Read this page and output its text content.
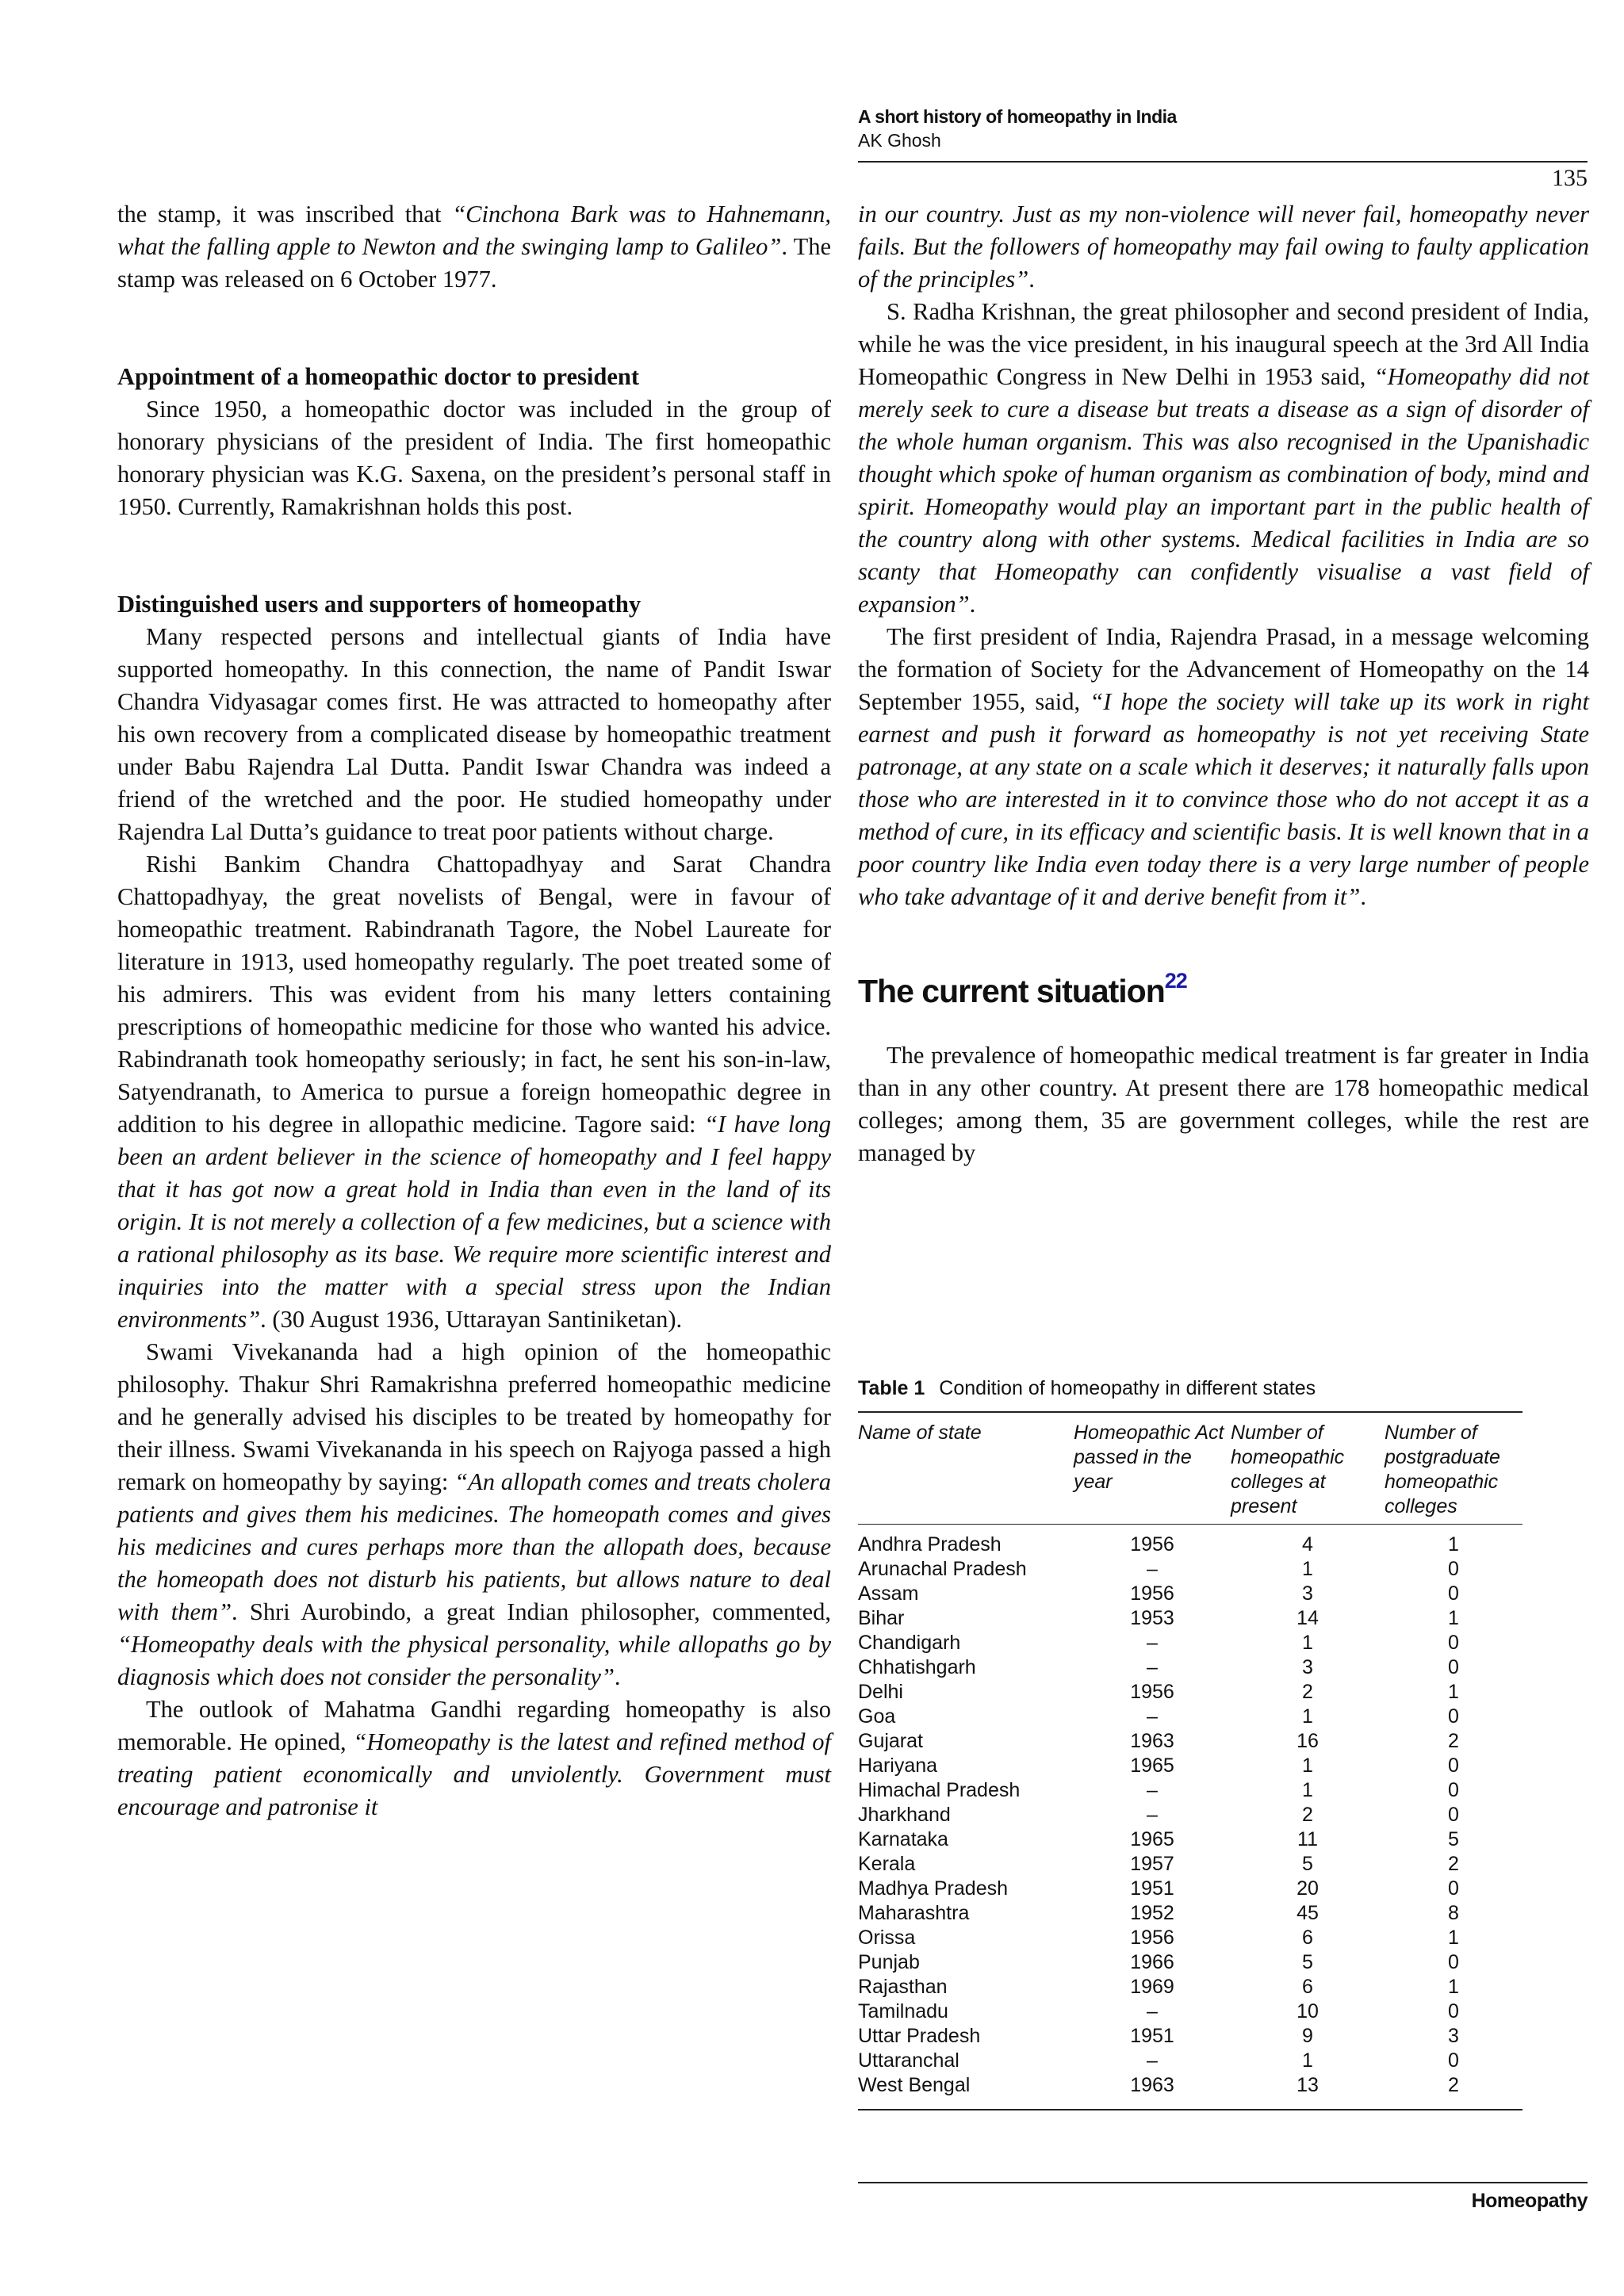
A short history of homeopathy in India
AK Ghosh
135

the stamp, it was inscribed that “Cinchona Bark was to Hahnemann, what the falling apple to Newton and the swinging lamp to Galileo”. The stamp was released on 6 October 1977.

Appointment of a homeopathic doctor to president

Since 1950, a homeopathic doctor was included in the group of honorary physicians of the president of India. The first homeopathic honorary physician was K.G. Saxena, on the president’s personal staff in 1950. Currently, Ramakrishnan holds this post.

Distinguished users and supporters of homeopathy

Many respected persons and intellectual giants of India have supported homeopathy. In this connection, the name of Pandit Iswar Chandra Vidyasagar comes first. He was attracted to homeopathy after his own recovery from a complicated disease by homeopathic treatment under Babu Rajendra Lal Dutta. Pandit Iswar Chandra was indeed a friend of the wretched and the poor. He studied homeopathy under Rajendra Lal Dutta’s guidance to treat poor patients without charge.

Rishi Bankim Chandra Chattopadhyay and Sarat Chandra Chattopadhyay, the great novelists of Bengal, were in favour of homeopathic treatment. Rabindranath Tagore, the Nobel Laureate for literature in 1913, used homeopathy regularly. The poet treated some of his admirers. This was evident from his many letters containing prescriptions of homeopathic medicine for those who wanted his advice. Rabindranath took homeopathy seriously; in fact, he sent his son-in-law, Satyendranath, to America to pursue a foreign homeopathic degree in addition to his degree in allopathic medicine. Tagore said: “I have long been an ardent believer in the science of homeopathy and I feel happy that it has got now a great hold in India than even in the land of its origin. It is not merely a collection of a few medicines, but a science with a rational philosophy as its base. We require more scientific interest and inquiries into the matter with a special stress upon the Indian environments”. (30 August 1936, Uttarayan Santiniketan).

Swami Vivekananda had a high opinion of the homeopathic philosophy. Thakur Shri Ramakrishna preferred homeopathic medicine and he generally advised his disciples to be treated by homeopathy for their illness. Swami Vivekananda in his speech on Rajyoga passed a high remark on homeopathy by saying: “An allopath comes and treats cholera patients and gives them his medicines. The homeopath comes and gives his medicines and cures perhaps more than the allopath does, because the homeopath does not disturb his patients, but allows nature to deal with them”. Shri Aurobindo, a great Indian philosopher, commented, “Homeopathy deals with the physical personality, while allopaths go by diagnosis which does not consider the personality”.

The outlook of Mahatma Gandhi regarding homeopathy is also memorable. He opined, “Homeopathy is the latest and refined method of treating patient economically and unviolently. Government must encourage and patronise it

in our country. Just as my non-violence will never fail, homeopathy never fails. But the followers of homeopathy may fail owing to faulty application of the principles”.

S. Radha Krishnan, the great philosopher and second president of India, while he was the vice president, in his inaugural speech at the 3rd All India Homeopathic Congress in New Delhi in 1953 said, “Homeopathy did not merely seek to cure a disease but treats a disease as a sign of disorder of the whole human organism. This was also recognised in the Upanishadic thought which spoke of human organism as combination of body, mind and spirit. Homeopathy would play an important part in the public health of the country along with other systems. Medical facilities in India are so scanty that Homeopathy can confidently visualise a vast field of expansion”.

The first president of India, Rajendra Prasad, in a message welcoming the formation of Society for the Advancement of Homeopathy on the 14 September 1955, said, “I hope the society will take up its work in right earnest and push it forward as homeopathy is not yet receiving State patronage, at any state on a scale which it deserves; it naturally falls upon those who are interested in it to convince those who do not accept it as a method of cure, in its efficacy and scientific basis. It is well known that in a poor country like India even today there is a very large number of people who take advantage of it and derive benefit from it”.

The current situation$^{22}$

The prevalence of homeopathic medical treatment is far greater in India than in any other country. At present there are 178 homeopathic medical colleges; among them, 35 are government colleges, while the rest are managed by

Table 1 Condition of homeopathy in different states
Name of state	Homeopathic Act passed in the year	Number of homeopathic colleges at present	Number of postgraduate homeopathic colleges

Andhra Pradesh	1956	4	1
Arunachal Pradesh	–	1	0
Assam	1956	3	0
Bihar	1953	14	1
Chandigarh	–	1	0
Chhatishgarh	–	3	0
Delhi	1956	2	1
Goa	–	1	0
Gujarat	1963	16	2
Hariyana	1965	1	0
Himachal Pradesh	–	1	0
Jharkhand	–	2	0
Karnataka	1965	11	5
Kerala	1957	5	2
Madhya Pradesh	1951	20	0
Maharashtra	1952	45	8
Orissa	1956	6	1
Punjab	1966	5	0
Rajasthan	1969	6	1
Tamilnadu	–	10	0
Uttar Pradesh	1951	9	3
Uttaranchal	–	1	0
West Bengal	1963	13	2
Homeopathy
